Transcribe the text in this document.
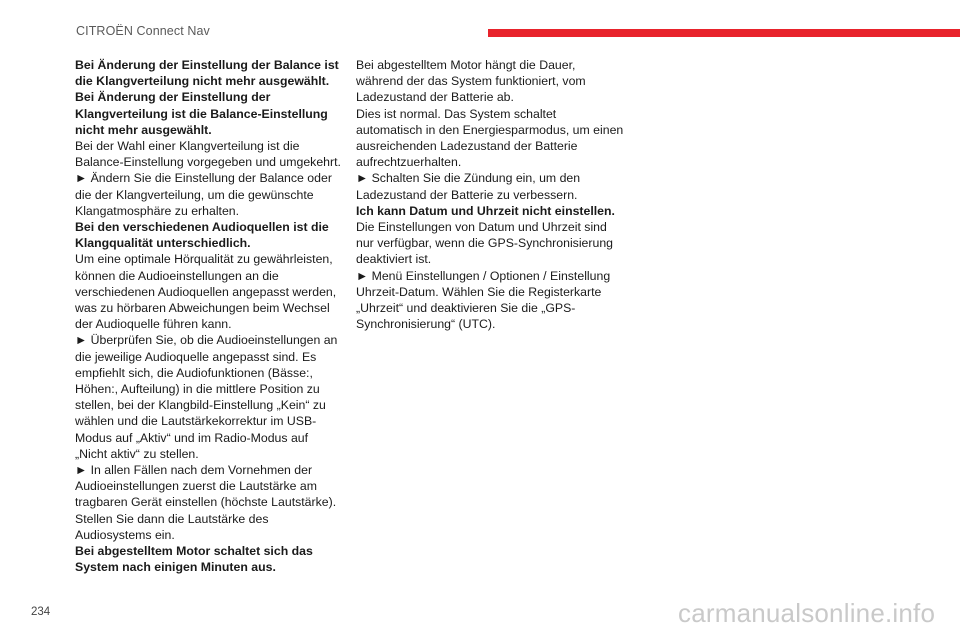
CITROËN Connect Nav

Bei Änderung der Einstellung der Balance ist die Klangverteilung nicht mehr ausgewählt.

Bei Änderung der Einstellung der Klangverteilung ist die Balance-Einstellung nicht mehr ausgewählt.

Bei der Wahl einer Klangverteilung ist die Balance-Einstellung vorgegeben und umgekehrt.

► Ändern Sie die Einstellung der Balance oder die der Klangverteilung, um die gewünschte Klangatmosphäre zu erhalten.

Bei den verschiedenen Audioquellen ist die Klangqualität unterschiedlich.

Um eine optimale Hörqualität zu gewährleisten, können die Audioeinstellungen an die verschiedenen Audioquellen angepasst werden, was zu hörbaren Abweichungen beim Wechsel der Audioquelle führen kann.

► Überprüfen Sie, ob die Audioeinstellungen an die jeweilige Audioquelle angepasst sind. Es empfiehlt sich, die Audiofunktionen (Bässe:, Höhen:, Aufteilung) in die mittlere Position zu stellen, bei der Klangbild-Einstellung „Kein“ zu wählen und die Lautstärkekorrektur im USB-Modus auf „Aktiv“ und im Radio-Modus auf „Nicht aktiv“ zu stellen.

► In allen Fällen nach dem Vornehmen der Audioeinstellungen zuerst die Lautstärke am tragbaren Gerät einstellen (höchste Lautstärke). Stellen Sie dann die Lautstärke des Audiosystems ein.

Bei abgestelltem Motor schaltet sich das System nach einigen Minuten aus.

Bei abgestelltem Motor hängt die Dauer, während der das System funktioniert, vom Ladezustand der Batterie ab.

Dies ist normal. Das System schaltet automatisch in den Energiesparmodus, um einen ausreichenden Ladezustand der Batterie aufrechtzuerhalten.

► Schalten Sie die Zündung ein, um den Ladezustand der Batterie zu verbessern.

Ich kann Datum und Uhrzeit nicht einstellen.

Die Einstellungen von Datum und Uhrzeit sind nur verfügbar, wenn die GPS-Synchronisierung deaktiviert ist.

► Menü Einstellungen / Optionen / Einstellung Uhrzeit-Datum. Wählen Sie die Registerkarte „Uhrzeit“ und deaktivieren Sie die „GPS-Synchronisierung“ (UTC).

234	carmanualsonline.info
